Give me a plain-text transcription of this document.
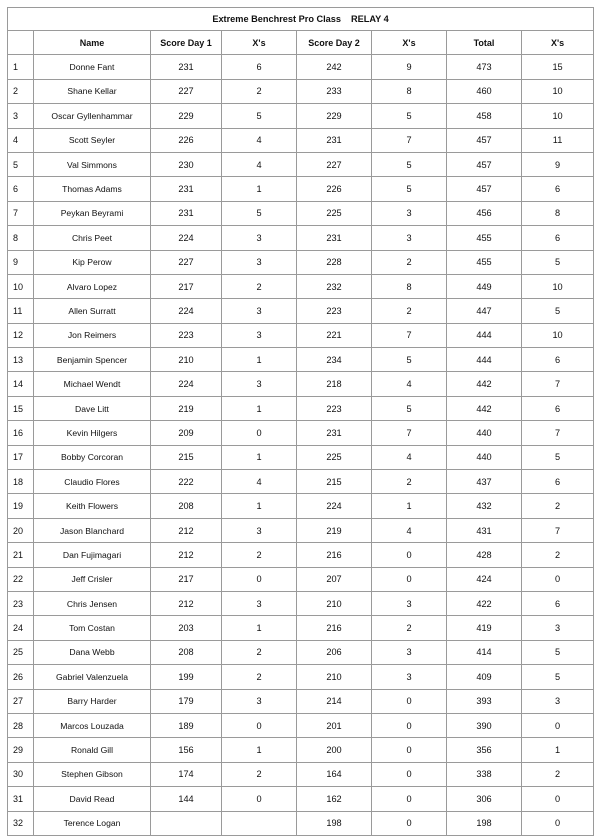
Extreme Benchrest Pro Class RELAY 4							
	Name	Score Day 1	X's	Score Day 2	X's	Total	X's
1	Donne Fant	231	6	242	9	473	15
2	Shane Kellar	227	2	233	8	460	10
3	Oscar Gyllenhammar	229	5	229	5	458	10
4	Scott Seyler	226	4	231	7	457	11
5	Val Simmons	230	4	227	5	457	9
6	Thomas Adams	231	1	226	5	457	6
7	Peykan Beyrami	231	5	225	3	456	8
8	Chris Peet	224	3	231	3	455	6
9	Kip Perow	227	3	228	2	455	5
10	Alvaro Lopez	217	2	232	8	449	10
11	Allen Surratt	224	3	223	2	447	5
12	Jon Reimers	223	3	221	7	444	10
13	Benjamin Spencer	210	1	234	5	444	6
14	Michael Wendt	224	3	218	4	442	7
15	Dave Litt	219	1	223	5	442	6
16	Kevin Hilgers	209	0	231	7	440	7
17	Bobby Corcoran	215	1	225	4	440	5
18	Claudio Flores	222	4	215	2	437	6
19	Keith Flowers	208	1	224	1	432	2
20	Jason Blanchard	212	3	219	4	431	7
21	Dan Fujimagari	212	2	216	0	428	2
22	Jeff Crisler	217	0	207	0	424	0
23	Chris Jensen	212	3	210	3	422	6
24	Tom Costan	203	1	216	2	419	3
25	Dana Webb	208	2	206	3	414	5
26	Gabriel Valenzuela	199	2	210	3	409	5
27	Barry Harder	179	3	214	0	393	3
28	Marcos Louzada	189	0	201	0	390	0
29	Ronald Gill	156	1	200	0	356	1
30	Stephen Gibson	174	2	164	0	338	2
31	David Read	144	0	162	0	306	0
32	Terence Logan			198	0	198	0
